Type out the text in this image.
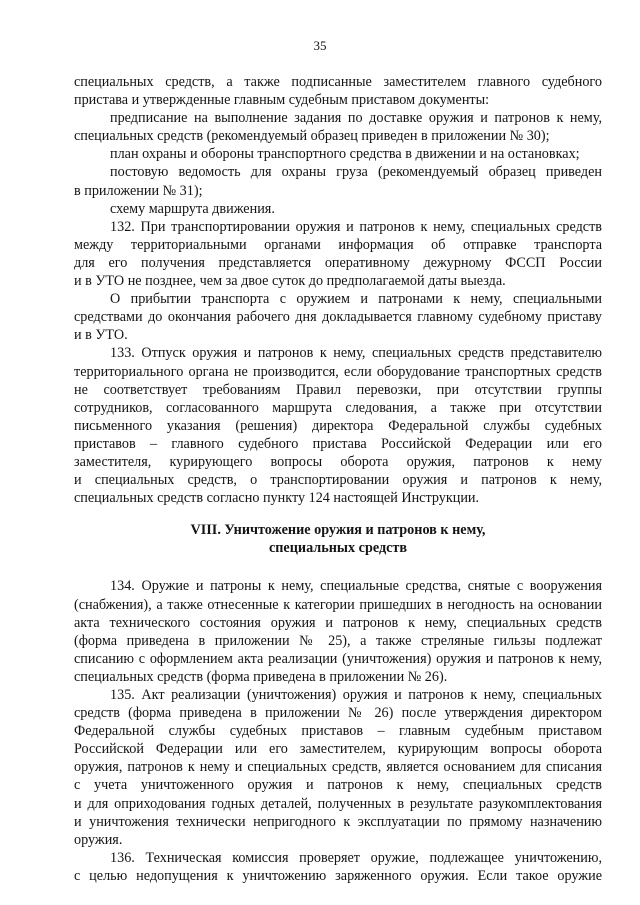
35
специальных средств, а также подписанные заместителем главного судебного
пристава и утвержденные главным судебным приставом документы:
предписание на выполнение задания по доставке оружия и патронов к нему,
специальных средств (рекомендуемый образец приведен в приложении № 30);
план охраны и обороны транспортного средства в движении и на остановках;
постовую ведомость для охраны груза (рекомендуемый образец приведен
в приложении № 31);
схему маршрута движения.
132. При транспортировании оружия и патронов к нему, специальных средств
между территориальными органами информация об отправке транспорта
для его получения представляется оперативному дежурному ФССП России
и в УТО не позднее, чем за двое суток до предполагаемой даты выезда.
О прибытии транспорта с оружием и патронами к нему, специальными
средствами до окончания рабочего дня докладывается главному судебному приставу
и в УТО.
133. Отпуск оружия и патронов к нему, специальных средств представителю
территориального органа не производится, если оборудование транспортных средств
не соответствует требованиям Правил перевозки, при отсутствии группы
сотрудников, согласованного маршрута следования, а также при отсутствии
письменного указания (решения) директора Федеральной службы судебных
приставов – главного судебного пристава Российской Федерации или его
заместителя, курирующего вопросы оборота оружия, патронов к нему
и специальных средств, о транспортировании оружия и патронов к нему,
специальных средств согласно пункту 124 настоящей Инструкции.
VIII. Уничтожение оружия и патронов к нему,
специальных средств
134. Оружие и патроны к нему, специальные средства, снятые с вооружения
(снабжения), а также отнесенные к категории пришедших в негодность на основании
акта технического состояния оружия и патронов к нему, специальных средств
(форма приведена в приложении № 25), а также стреляные гильзы подлежат
списанию с оформлением акта реализации (уничтожения) оружия и патронов к нему,
специальных средств (форма приведена в приложении № 26).
135. Акт реализации (уничтожения) оружия и патронов к нему, специальных
средств (форма приведена в приложении № 26) после утверждения директором
Федеральной службы судебных приставов – главным судебным приставом
Российской Федерации или его заместителем, курирующим вопросы оборота
оружия, патронов к нему и специальных средств, является основанием для списания
с учета уничтоженного оружия и патронов к нему, специальных средств
и для оприходования годных деталей, полученных в результате разукомплектования
и уничтожения технически непригодного к эксплуатации по прямому назначению
оружия.
136. Техническая комиссия проверяет оружие, подлежащее уничтожению,
с целью недопущения к уничтожению заряженного оружия. Если такое оружие
